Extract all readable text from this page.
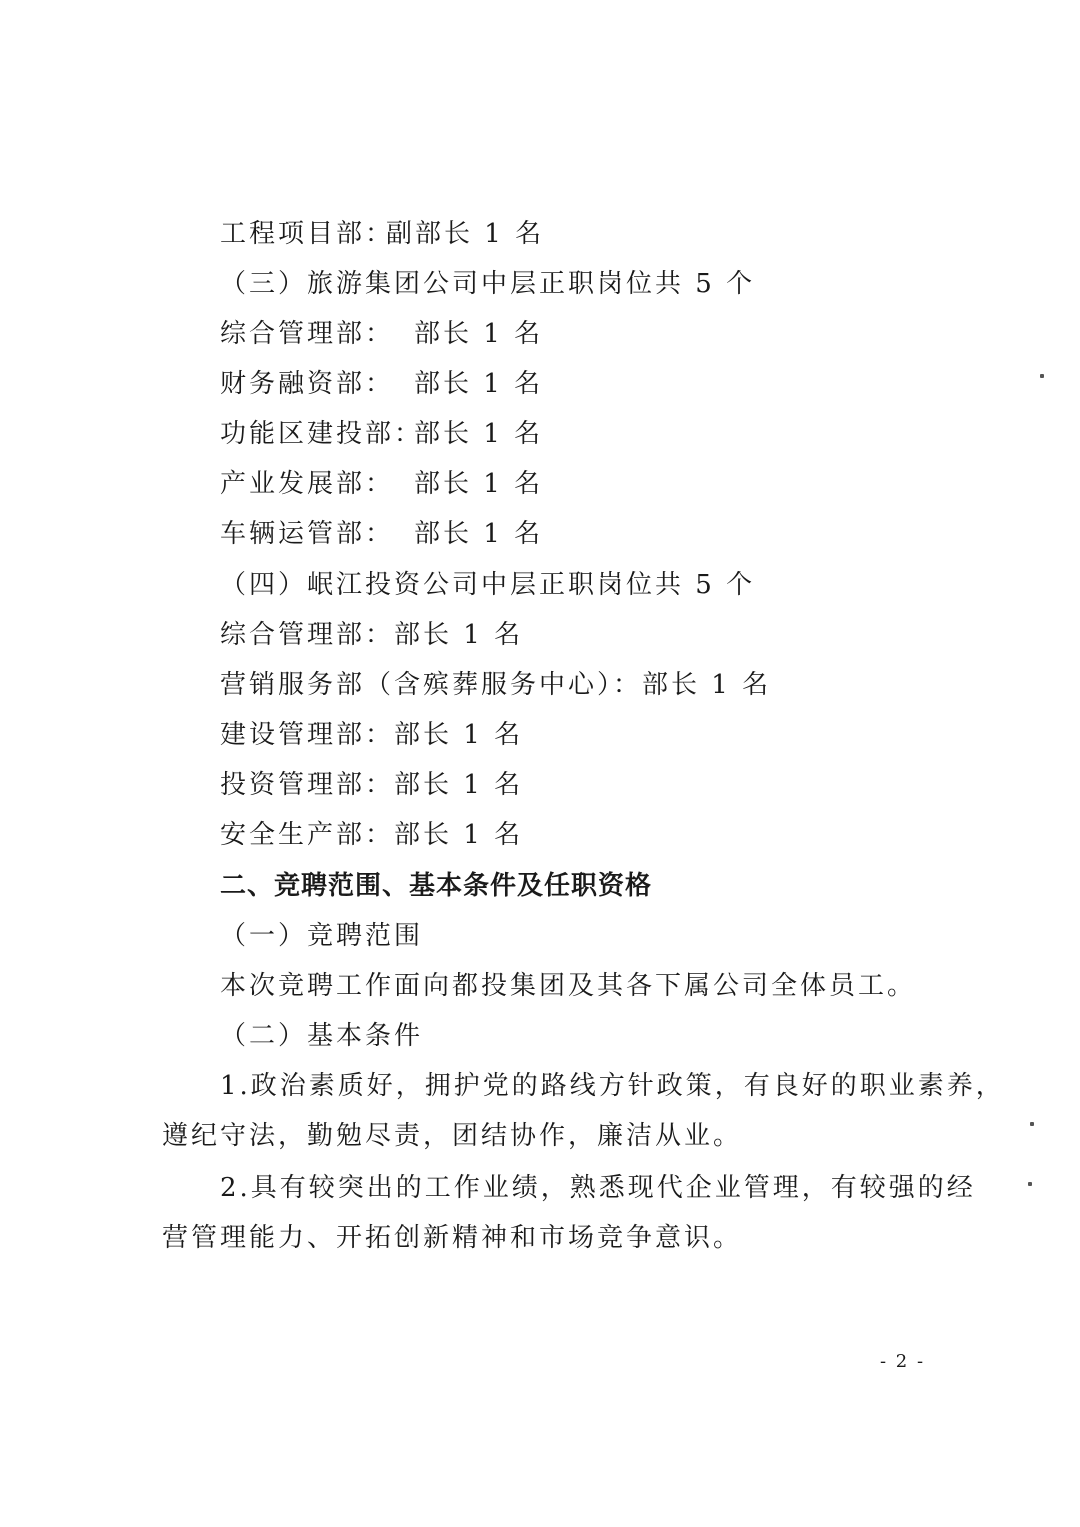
工程项目部：
副部长 1 名
（三）旅游集团公司中层正职岗位共 5 个
综合管理部： 部长 1 名
财务融资部： 部长 1 名
功能区建投部：
部长 1 名
产业发展部： 部长 1 名
车辆运管部： 部长 1 名
（四）岷江投资公司中层正职岗位共 5 个
综合管理部：部长 1 名
营销服务部（含殡葬服务中心）：部长 1 名
建设管理部：部长 1 名
投资管理部：部长 1 名
安全生产部：部长 1 名
二、竞聘范围、基本条件及任职资格
（一）竞聘范围
本次竞聘工作面向都投集团及其各下属公司全体员工。
（二）基本条件
1.政治素质好，拥护党的路线方针政策，有良好的职业素养，
遵纪守法，勤勉尽责，团结协作，廉洁从业。
2.具有较突出的工作业绩，熟悉现代企业管理，有较强的经
营管理能力、开拓创新精神和市场竞争意识。
- 2 -
